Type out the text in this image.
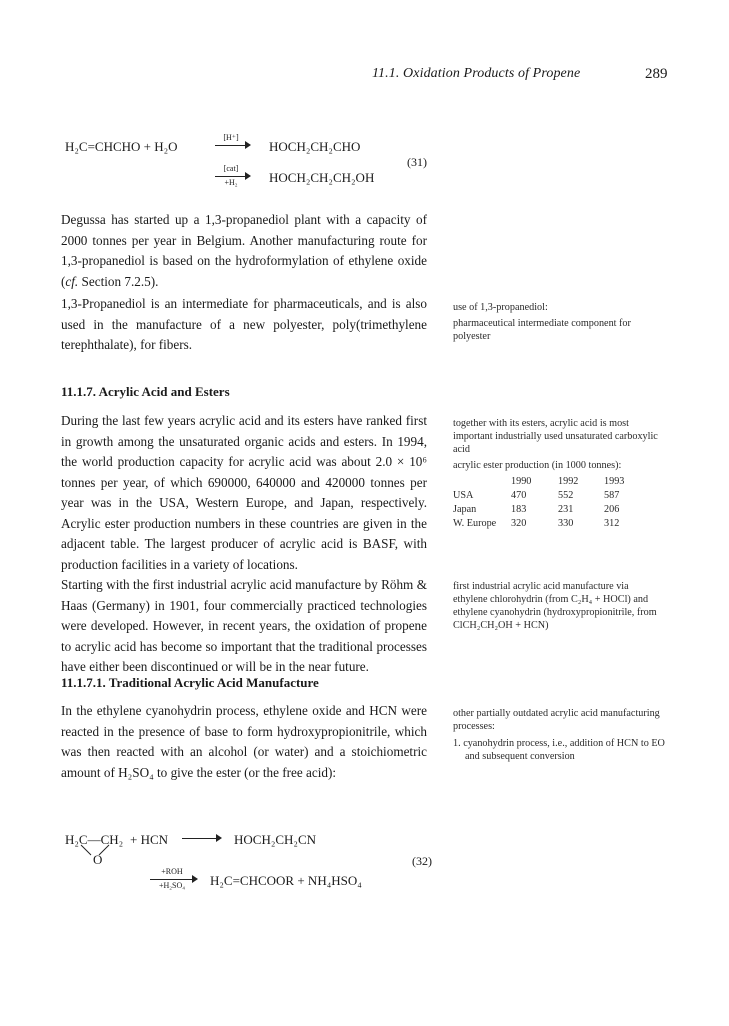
11.1. Oxidation Products of Propene	289
H₂C=CHCHO + H₂O
[H⁺]
HOCH₂CH₂CHO
(31)
[cat]
+H₂	HOCH₂CH₂CH₂OH

Degussa has started up a 1,3-propanediol plant with a capacity of 2000 tonnes per year in Belgium. Another manufacturing route for 1,3-propanediol is based on the hydroformylation of ethylene oxide (cf. Section 7.2.5).

1,3-Propanediol is an intermediate for pharmaceuticals, and is also used in the manufacture of a new polyester, poly(trimethylene terephthalate), for fibers.

use of 1,3-propanediol:

pharmaceutical intermediate component for polyester

11.1.7. Acrylic Acid and Esters
During the last few years acrylic acid and its esters have ranked first in growth among the unsaturated organic acids and esters. In 1994, the world production capacity for acrylic acid was about 2.0 × 10⁶ tonnes per year, of which 690000, 640000 and 420000 tonnes per year was in the USA, Western Europe, and Japan, respectively. Acrylic ester production numbers in these countries are given in the adjacent table. The largest producer of acrylic acid is BASF, with production facilities in a variety of locations.

together with its esters, acrylic acid is most important industrially used unsaturated carboxylic acid

acrylic ester production (in 1000 tonnes):

	1990	1992	1993
USA	470	552	587
Japan	183	231	206
W. Europe	320	330	312
Starting with the first industrial acrylic acid manufacture by Röhm & Haas (Germany) in 1901, four commercially practiced technologies were developed. However, in recent years, the oxidation of propene to acrylic acid has become so important that the traditional processes have either been discontinued or will be in the near future.
first industrial acrylic acid manufacture via ethylene chlorohydrin (from C₂H₄ + HOCl) and ethylene cyanohydrin (hydroxypropionitrile, from ClCH₂CH₂OH + HCN)
11.1.7.1. Traditional Acrylic Acid Manufacture
In the ethylene cyanohydrin process, ethylene oxide and HCN were reacted in the presence of base to form hydroxypropionitrile, which was then reacted with an alcohol (or water) and a stoichiometric amount of H₂SO₄ to give the ester (or the free acid):

other partially outdated acrylic acid manufacturing processes:

1. cyanohydrin process, i.e., addition of HCN to EO and subsequent conversion

H₂C—CH₂
O
+ HCN	HOCH₂CH₂CN
(32)
+ROH
+H₂SO₄	H₂C=CHCOOR + NH₄HSO₄
